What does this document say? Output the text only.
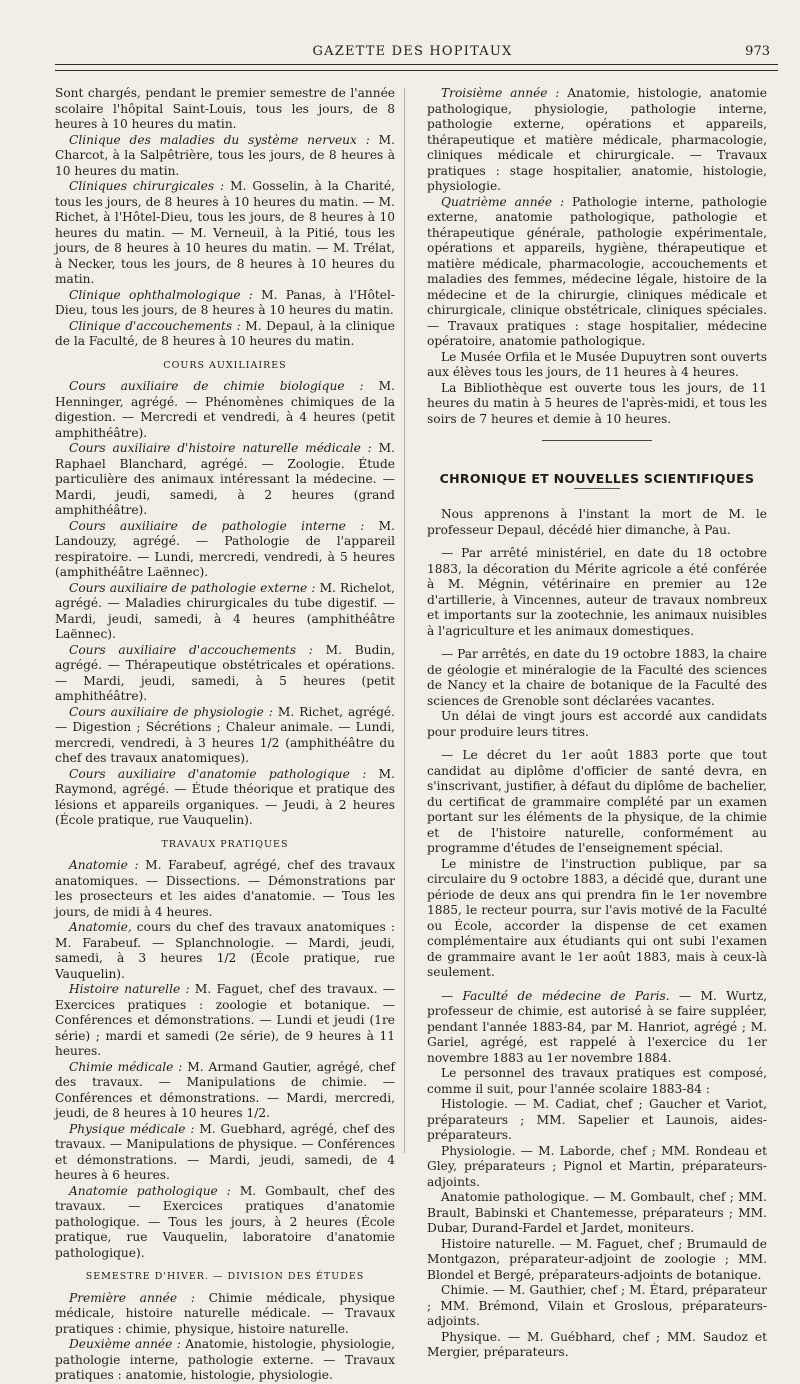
GAZETTE DES HOPITAUX	973

Sont chargés, pendant le premier semestre de l'année scolaire l'hôpital Saint-Louis, tous les jours, de 8 heures à 10 heures du matin.

Clinique des maladies du système nerveux : M. Charcot, à la Salpêtrière, tous les jours, de 8 heures à 10 heures du matin.

Cliniques chirurgicales : M. Gosselin, à la Charité, tous les jours, de 8 heures à 10 heures du matin. — M. Richet, à l'Hôtel-Dieu, tous les jours, de 8 heures à 10 heures du matin. — M. Verneuil, à la Pitié, tous les jours, de 8 heures à 10 heures du matin. — M. Trélat, à Necker, tous les jours, de 8 heures à 10 heures du matin.

Clinique ophthalmologique : M. Panas, à l'Hôtel-Dieu, tous les jours, de 8 heures à 10 heures du matin.

Clinique d'accouchements : M. Depaul, à la clinique de la Faculté, de 8 heures à 10 heures du matin.

COURS AUXILIAIRES

Cours auxiliaire de chimie biologique : M. Henninger, agrégé. — Phénomènes chimiques de la digestion. — Mercredi et vendredi, à 4 heures (petit amphithéâtre).

Cours auxiliaire d'histoire naturelle médicale : M. Raphael Blanchard, agrégé. — Zoologie. Étude particulière des animaux intéressant la médecine. — Mardi, jeudi, samedi, à 2 heures (grand amphithéâtre).

Cours auxiliaire de pathologie interne : M. Landouzy, agrégé. — Pathologie de l'appareil respiratoire. — Lundi, mercredi, vendredi, à 5 heures (amphithéâtre Laënnec).

Cours auxiliaire de pathologie externe : M. Richelot, agrégé. — Maladies chirurgicales du tube digestif. — Mardi, jeudi, samedi, à 4 heures (amphithéâtre Laënnec).

Cours auxiliaire d'accouchements : M. Budin, agrégé. — Thérapeutique obstétricales et opérations. — Mardi, jeudi, samedi, à 5 heures (petit amphithéâtre).

Cours auxiliaire de physiologie : M. Richet, agrégé. — Digestion ; Sécrétions ; Chaleur animale. — Lundi, mercredi, vendredi, à 3 heures 1/2 (amphithéâtre du chef des travaux anatomiques).

Cours auxiliaire d'anatomie pathologique : M. Raymond, agrégé. — Étude théorique et pratique des lésions et appareils organiques. — Jeudi, à 2 heures (École pratique, rue Vauquelin).

TRAVAUX PRATIQUES

Anatomie : M. Farabeuf, agrégé, chef des travaux anatomiques. — Dissections. — Démonstrations par les prosecteurs et les aides d'anatomie. — Tous les jours, de midi à 4 heures.

Anatomie, cours du chef des travaux anatomiques : M. Farabeuf. — Splanchnologie. — Mardi, jeudi, samedi, à 3 heures 1/2 (École pratique, rue Vauquelin).

Histoire naturelle : M. Faguet, chef des travaux. — Exercices pratiques : zoologie et botanique. — Conférences et démonstrations. — Lundi et jeudi (1re série) ; mardi et samedi (2e série), de 9 heures à 11 heures.

Chimie médicale : M. Armand Gautier, agrégé, chef des travaux. — Manipulations de chimie. — Conférences et démonstrations. — Mardi, mercredi, jeudi, de 8 heures à 10 heures 1/2.

Physique médicale : M. Guebhard, agrégé, chef des travaux. — Manipulations de physique. — Conférences et démonstrations. — Mardi, jeudi, samedi, de 4 heures à 6 heures.

Anatomie pathologique : M. Gombault, chef des travaux. — Exercices pratiques d'anatomie pathologique. — Tous les jours, à 2 heures (École pratique, rue Vauquelin, laboratoire d'anatomie pathologique).

SEMESTRE D'HIVER. — DIVISION DES ÉTUDES

Première année : Chimie médicale, physique médicale, histoire naturelle médicale. — Travaux pratiques : chimie, physique, histoire naturelle.

Deuxième année : Anatomie, histologie, physiologie, pathologie interne, pathologie externe. — Travaux pratiques : anatomie, histologie, physiologie.

Troisième année : Anatomie, histologie, anatomie pathologique, physiologie, pathologie interne, pathologie externe, opérations et appareils, thérapeutique et matière médicale, pharmacologie, cliniques médicale et chirurgicale. — Travaux pratiques : stage hospitalier, anatomie, histologie, physiologie.

Quatrième année : Pathologie interne, pathologie externe, anatomie pathologique, pathologie et thérapeutique générale, pathologie expérimentale, opérations et appareils, hygiène, thérapeutique et matière médicale, pharmacologie, accouchements et maladies des femmes, médecine légale, histoire de la médecine et de la chirurgie, cliniques médicale et chirurgicale, clinique obstétricale, cliniques spéciales. — Travaux pratiques : stage hospitalier, médecine opératoire, anatomie pathologique.

Le Musée Orfila et le Musée Dupuytren sont ouverts aux élèves tous les jours, de 11 heures à 4 heures.

La Bibliothèque est ouverte tous les jours, de 11 heures du matin à 5 heures de l'après-midi, et tous les soirs de 7 heures et demie à 10 heures.

CHRONIQUE ET NOUVELLES SCIENTIFIQUES

Nous apprenons à l'instant la mort de M. le professeur Depaul, décédé hier dimanche, à Pau.

— Par arrêté ministériel, en date du 18 octobre 1883, la décoration du Mérite agricole a été conférée à M. Mégnin, vétérinaire en premier au 12e d'artillerie, à Vincennes, auteur de travaux nombreux et importants sur la zootechnie, les animaux nuisibles à l'agriculture et les animaux domestiques.

— Par arrêtés, en date du 19 octobre 1883, la chaire de géologie et minéralogie de la Faculté des sciences de Nancy et la chaire de botanique de la Faculté des sciences de Grenoble sont déclarées vacantes.

Un délai de vingt jours est accordé aux candidats pour produire leurs titres.

— Le décret du 1er août 1883 porte que tout candidat au diplôme d'officier de santé devra, en s'inscrivant, justifier, à défaut du diplôme de bachelier, du certificat de grammaire complété par un examen portant sur les éléments de la physique, de la chimie et de l'histoire naturelle, conformément au programme d'études de l'enseignement spécial.

Le ministre de l'instruction publique, par sa circulaire du 9 octobre 1883, a décidé que, durant une période de deux ans qui prendra fin le 1er novembre 1885, le recteur pourra, sur l'avis motivé de la Faculté ou École, accorder la dispense de cet examen complémentaire aux étudiants qui ont subi l'examen de grammaire avant le 1er août 1883, mais à ceux-là seulement.

— Faculté de médecine de Paris. — M. Wurtz, professeur de chimie, est autorisé à se faire suppléer, pendant l'année 1883-84, par M. Hanriot, agrégé ; M. Gariel, agrégé, est rappelé à l'exercice du 1er novembre 1883 au 1er novembre 1884.

Le personnel des travaux pratiques est composé, comme il suit, pour l'année scolaire 1883-84 :

Histologie. — M. Cadiat, chef ; Gaucher et Variot, préparateurs ; MM. Sapelier et Launois, aides-préparateurs.

Physiologie. — M. Laborde, chef ; MM. Rondeau et Gley, préparateurs ; Pignol et Martin, préparateurs-adjoints.

Anatomie pathologique. — M. Gombault, chef ; MM. Brault, Babinski et Chantemesse, préparateurs ; MM. Dubar, Durand-Fardel et Jardet, moniteurs.

Histoire naturelle. — M. Faguet, chef ; Brumauld de Montgazon, préparateur-adjoint de zoologie ; MM. Blondel et Bergé, préparateurs-adjoints de botanique.

Chimie. — M. Gauthier, chef ; M. Étard, préparateur ; MM. Brémond, Vilain et Groslous, préparateurs-adjoints.

Physique. — M. Guébhard, chef ; MM. Saudoz et Mergier, préparateurs.
